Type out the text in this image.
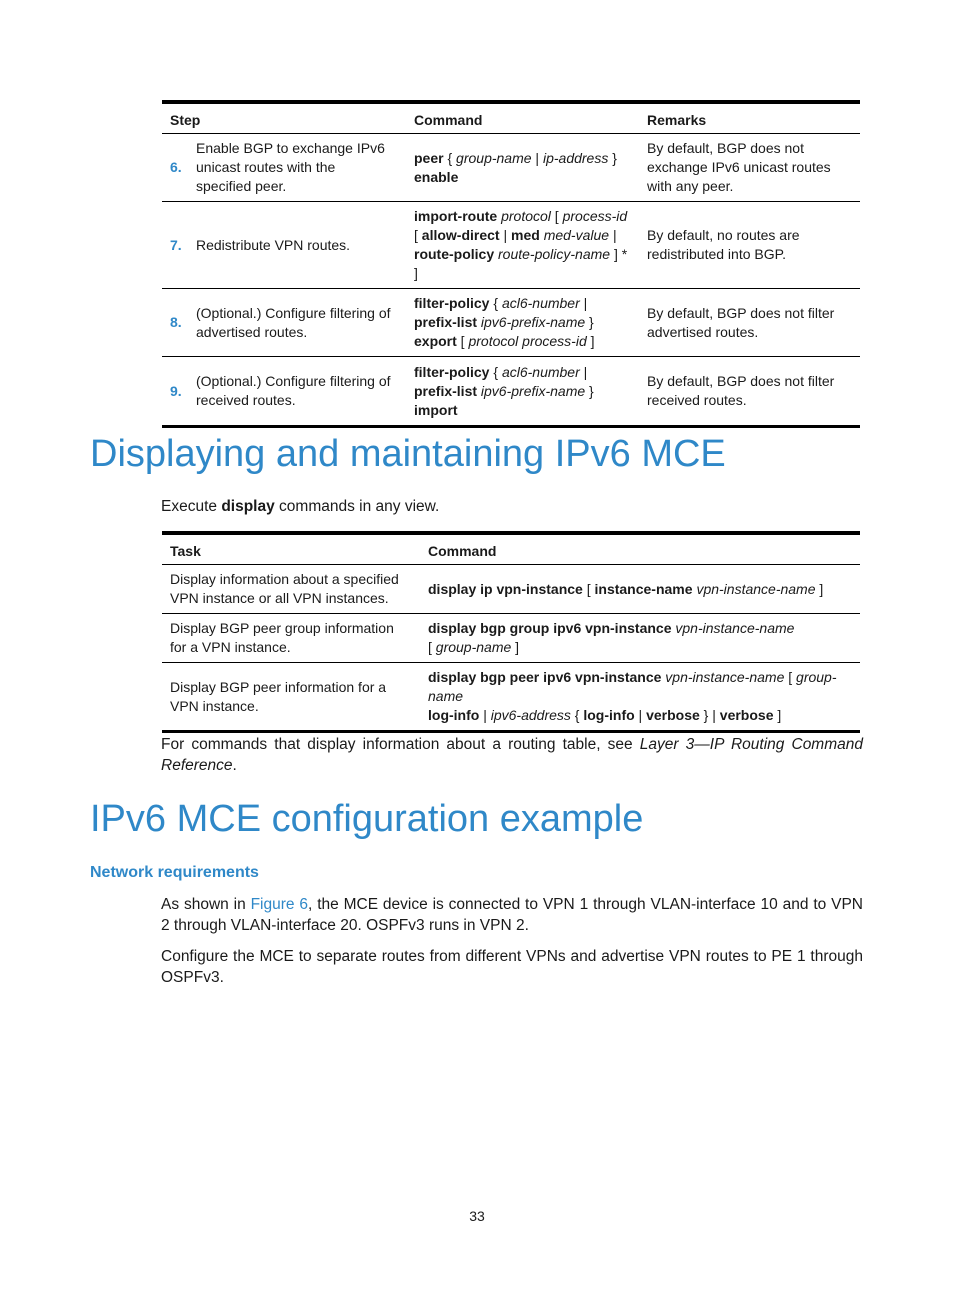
Step		Command	Remarks
6.	Enable BGP to exchange IPv6 unicast routes with the specified peer.	peer { group-name | ip-address }
enable	By default, BGP does not exchange IPv6 unicast routes with any peer.
7.	Redistribute VPN routes.	import-route protocol [ process-id
[ allow-direct | med med-value |
route-policy route-policy-name ] * ]	By default, no routes are redistributed into BGP.
8.	(Optional.) Configure filtering of advertised routes.	filter-policy { acl6-number |
prefix-list ipv6-prefix-name }
export [ protocol process-id ]	By default, BGP does not filter advertised routes.
9.	(Optional.) Configure filtering of received routes.	filter-policy { acl6-number |
prefix-list ipv6-prefix-name }
import	By default, BGP does not filter received routes.
Displaying and maintaining IPv6 MCE

Execute display commands in any view.

Task	Command
Display information about a specified VPN instance or all VPN instances.	display ip vpn-instance [ instance-name vpn-instance-name ]
Display BGP peer group information for a VPN instance.	display bgp group ipv6 vpn-instance vpn-instance-name
[ group-name ]
Display BGP peer information for a VPN instance.	display bgp peer ipv6 vpn-instance vpn-instance-name [ group-name
log-info | ipv6-address { log-info | verbose } | verbose ]

For commands that display information about a routing table, see Layer 3—IP Routing Command Reference.

IPv6 MCE configuration example
Network requirements

As shown in Figure 6, the MCE device is connected to VPN 1 through VLAN-interface 10 and to VPN 2 through VLAN-interface 20. OSPFv3 runs in VPN 2.

Configure the MCE to separate routes from different VPNs and advertise VPN routes to PE 1 through OSPFv3.

33
